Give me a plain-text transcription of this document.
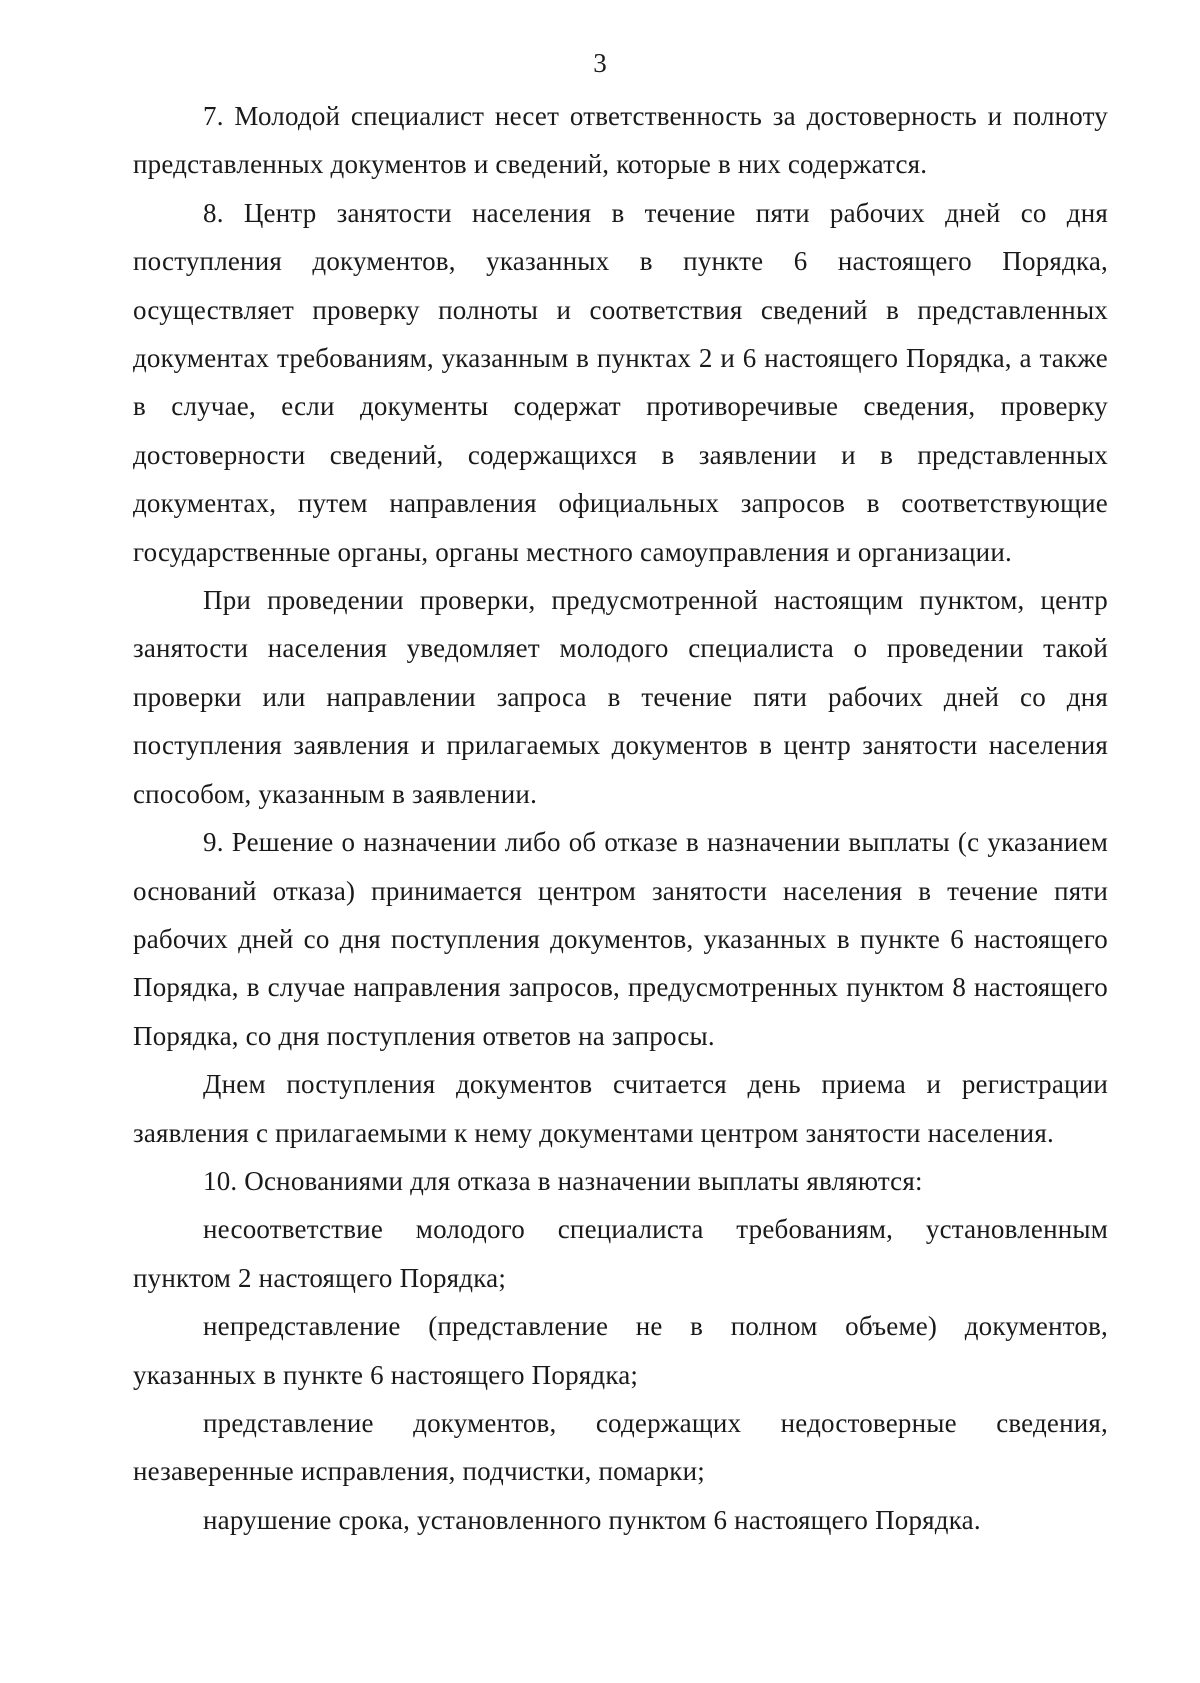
3

7. Молодой специалист несет ответственность за достоверность и полноту представленных документов и сведений, которые в них содержатся.

8. Центр занятости населения в течение пяти рабочих дней со дня поступления документов, указанных в пункте 6 настоящего Порядка, осуществляет проверку полноты и соответствия сведений в представленных документах требованиям, указанным в пунктах 2 и 6 настоящего Порядка, а также в случае, если документы содержат противоречивые сведения, проверку достоверности сведений, содержащихся в заявлении и в представленных документах, путем направления официальных запросов в соответствующие государственные органы, органы местного самоуправления и организации.

При проведении проверки, предусмотренной настоящим пунктом, центр занятости населения уведомляет молодого специалиста о проведении такой проверки или направлении запроса в течение пяти рабочих дней со дня поступления заявления и прилагаемых документов в центр занятости населения способом, указанным в заявлении.

9. Решение о назначении либо об отказе в назначении выплаты (с указанием оснований отказа) принимается центром занятости населения в течение пяти рабочих дней со дня поступления документов, указанных в пункте 6 настоящего Порядка, в случае направления запросов, предусмотренных пунктом 8 настоящего Порядка, со дня поступления ответов на запросы.

Днем поступления документов считается день приема и регистрации заявления с прилагаемыми к нему документами центром занятости населения.

10. Основаниями для отказа в назначении выплаты являются:

несоответствие молодого специалиста требованиям, установленным пунктом 2 настоящего Порядка;

непредставление (представление не в полном объеме) документов, указанных в пункте 6 настоящего Порядка;

представление документов, содержащих недостоверные сведения, незаверенные исправления, подчистки, помарки;

нарушение срока, установленного пунктом 6 настоящего Порядка.
